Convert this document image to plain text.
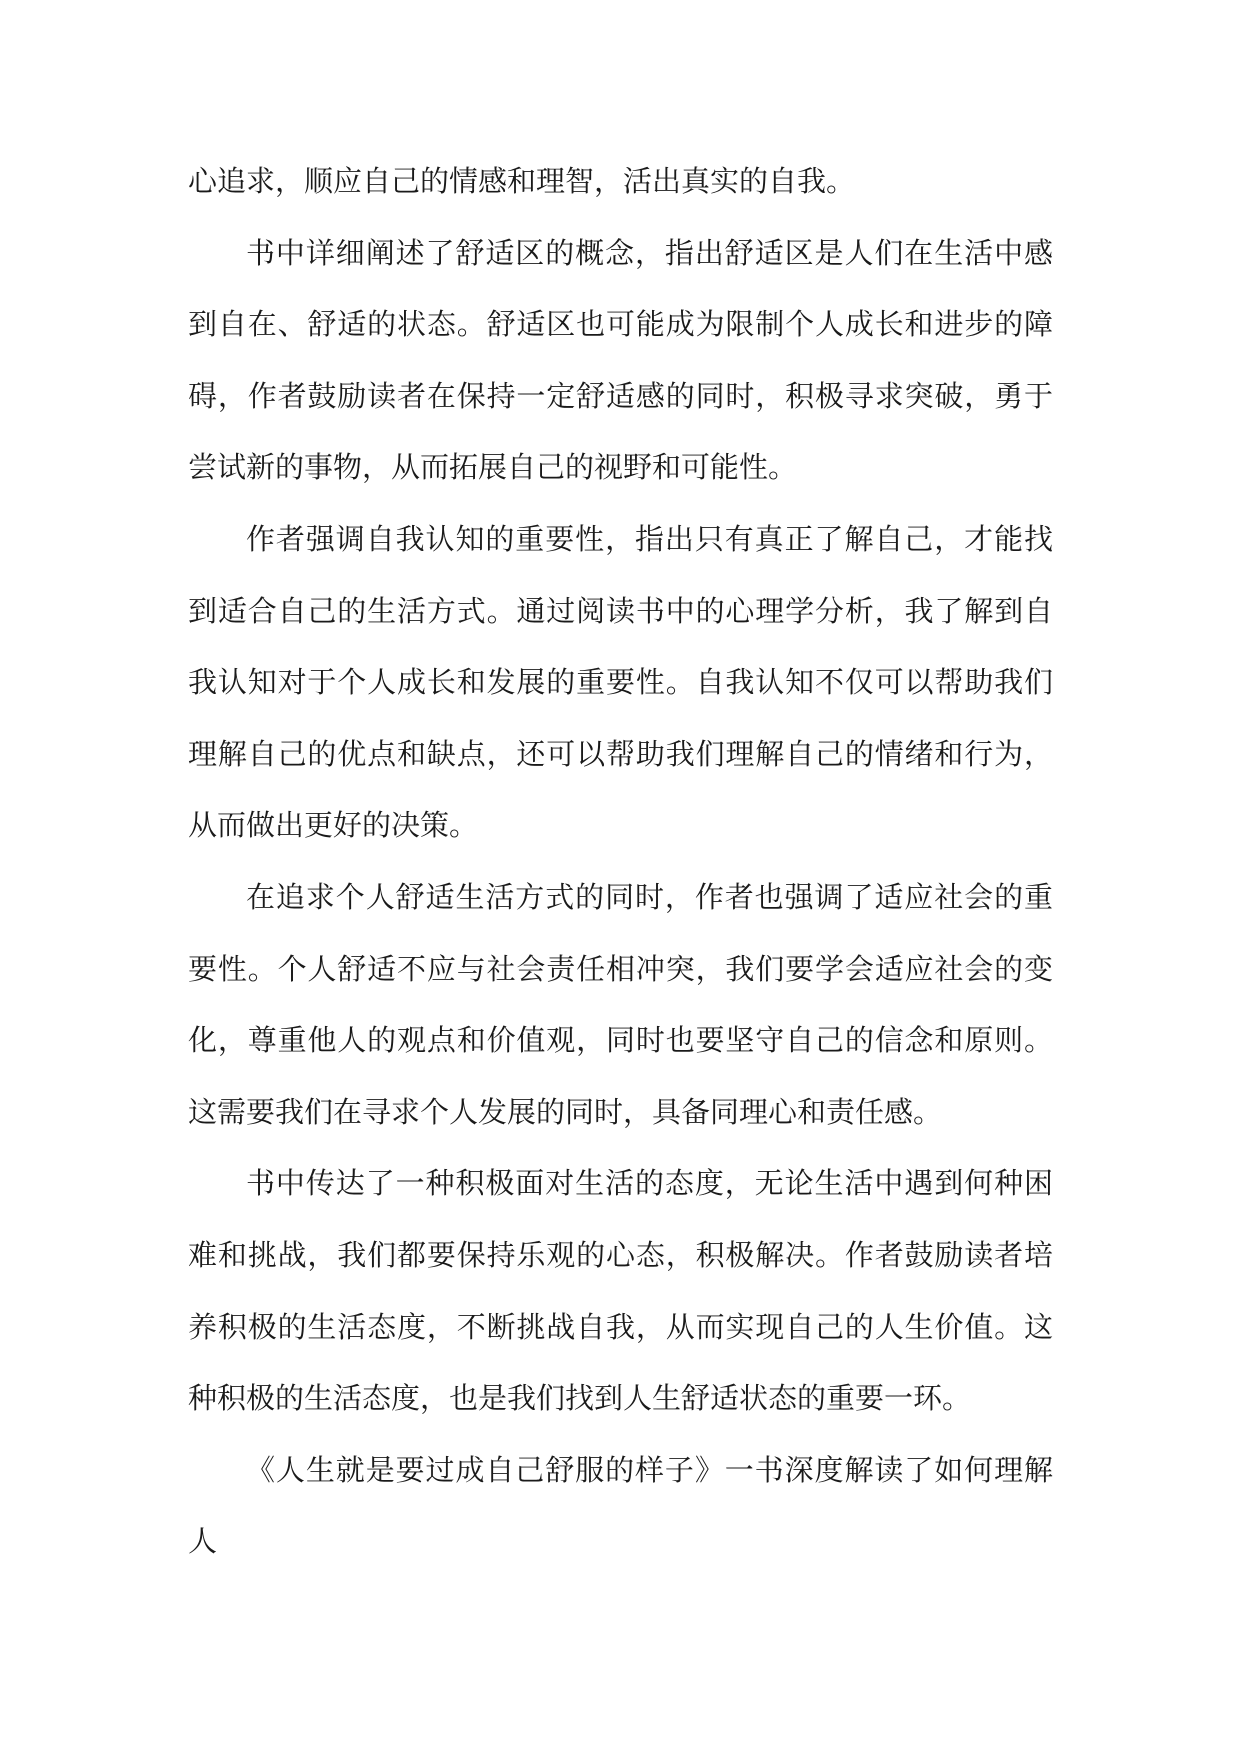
心追求，顺应自己的情感和理智，活出真实的自我。

书中详细阐述了舒适区的概念，指出舒适区是人们在生活中感到自在、舒适的状态。舒适区也可能成为限制个人成长和进步的障碍，作者鼓励读者在保持一定舒适感的同时，积极寻求突破，勇于尝试新的事物，从而拓展自己的视野和可能性。

作者强调自我认知的重要性，指出只有真正了解自己，才能找到适合自己的生活方式。通过阅读书中的心理学分析，我了解到自我认知对于个人成长和发展的重要性。自我认知不仅可以帮助我们理解自己的优点和缺点，还可以帮助我们理解自己的情绪和行为，从而做出更好的决策。

在追求个人舒适生活方式的同时，作者也强调了适应社会的重要性。个人舒适不应与社会责任相冲突，我们要学会适应社会的变化，尊重他人的观点和价值观，同时也要坚守自己的信念和原则。这需要我们在寻求个人发展的同时，具备同理心和责任感。

书中传达了一种积极面对生活的态度，无论生活中遇到何种困难和挑战，我们都要保持乐观的心态，积极解决。作者鼓励读者培养积极的生活态度，不断挑战自我，从而实现自己的人生价值。这种积极的生活态度，也是我们找到人生舒适状态的重要一环。

《人生就是要过成自己舒服的样子》一书深度解读了如何理解人
